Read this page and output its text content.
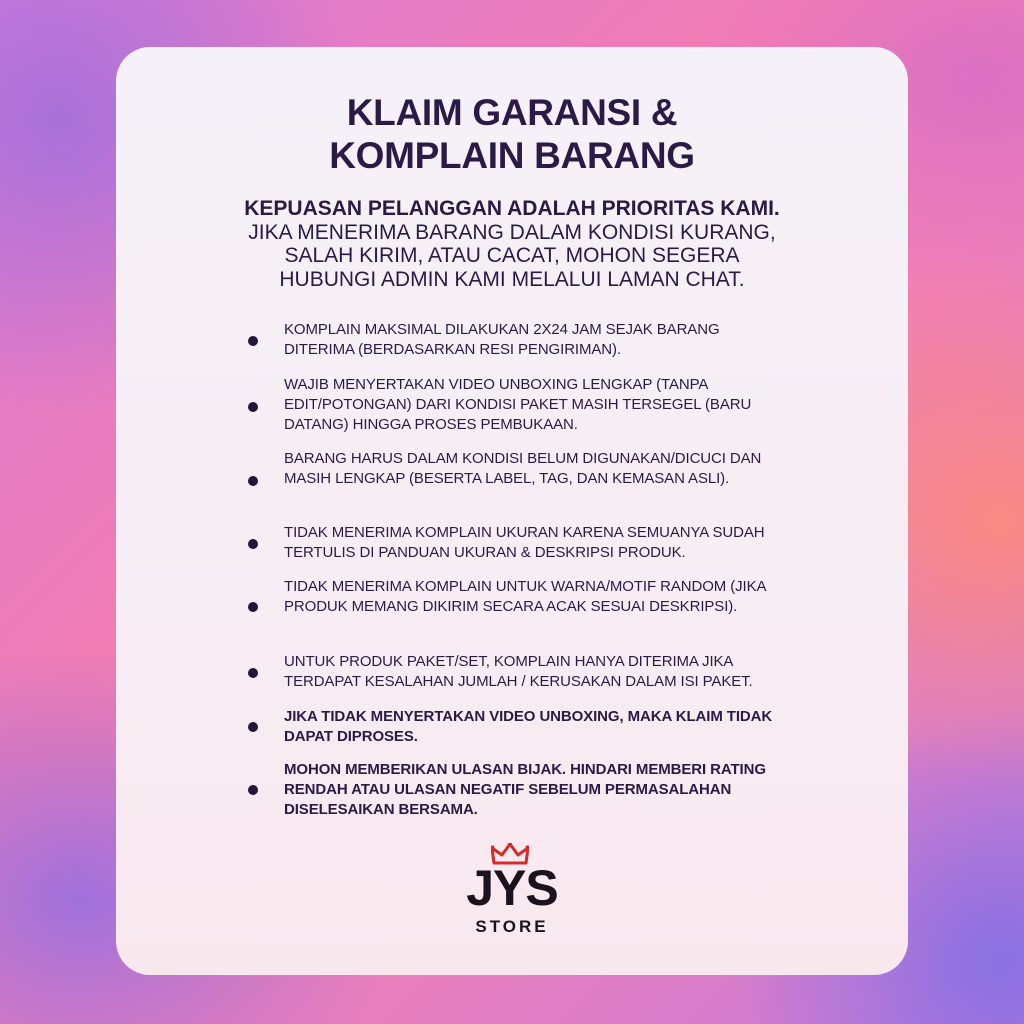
KLAIM GARANSI &
KOMPLAIN BARANG
KEPUASAN PELANGGAN ADALAH PRIORITAS KAMI.
JIKA MENERIMA BARANG DALAM KONDISI KURANG,
SALAH KIRIM, ATAU CACAT, MOHON SEGERA
HUBUNGI ADMIN KAMI MELALUI LAMAN CHAT.
KOMPLAIN MAKSIMAL DILAKUKAN 2X24 JAM SEJAK BARANG DITERIMA (BERDASARKAN RESI PENGIRIMAN).
WAJIB MENYERTAKAN VIDEO UNBOXING LENGKAP (TANPA EDIT/POTONGAN) DARI KONDISI PAKET MASIH TERSEGEL (BARU DATANG) HINGGA PROSES PEMBUKAAN.
BARANG HARUS DALAM KONDISI BELUM DIGUNAKAN/DICUCI DAN MASIH LENGKAP (BESERTA LABEL, TAG, DAN KEMASAN ASLI).
TIDAK MENERIMA KOMPLAIN UKURAN KARENA SEMUANYA SUDAH TERTULIS DI PANDUAN UKURAN & DESKRIPSI PRODUK.
TIDAK MENERIMA KOMPLAIN UNTUK WARNA/MOTIF RANDOM (JIKA PRODUK MEMANG DIKIRIM SECARA ACAK SESUAI DESKRIPSI).
UNTUK PRODUK PAKET/SET, KOMPLAIN HANYA DITERIMA JIKA TERDAPAT KESALAHAN JUMLAH / KERUSAKAN DALAM ISI PAKET.
JIKA TIDAK MENYERTAKAN VIDEO UNBOXING, MAKA KLAIM TIDAK DAPAT DIPROSES.
MOHON MEMBERIKAN ULASAN BIJAK. HINDARI MEMBERI RATING RENDAH ATAU ULASAN NEGATIF SEBELUM PERMASALAHAN DISELESAIKAN BERSAMA.
JYS
STORE
